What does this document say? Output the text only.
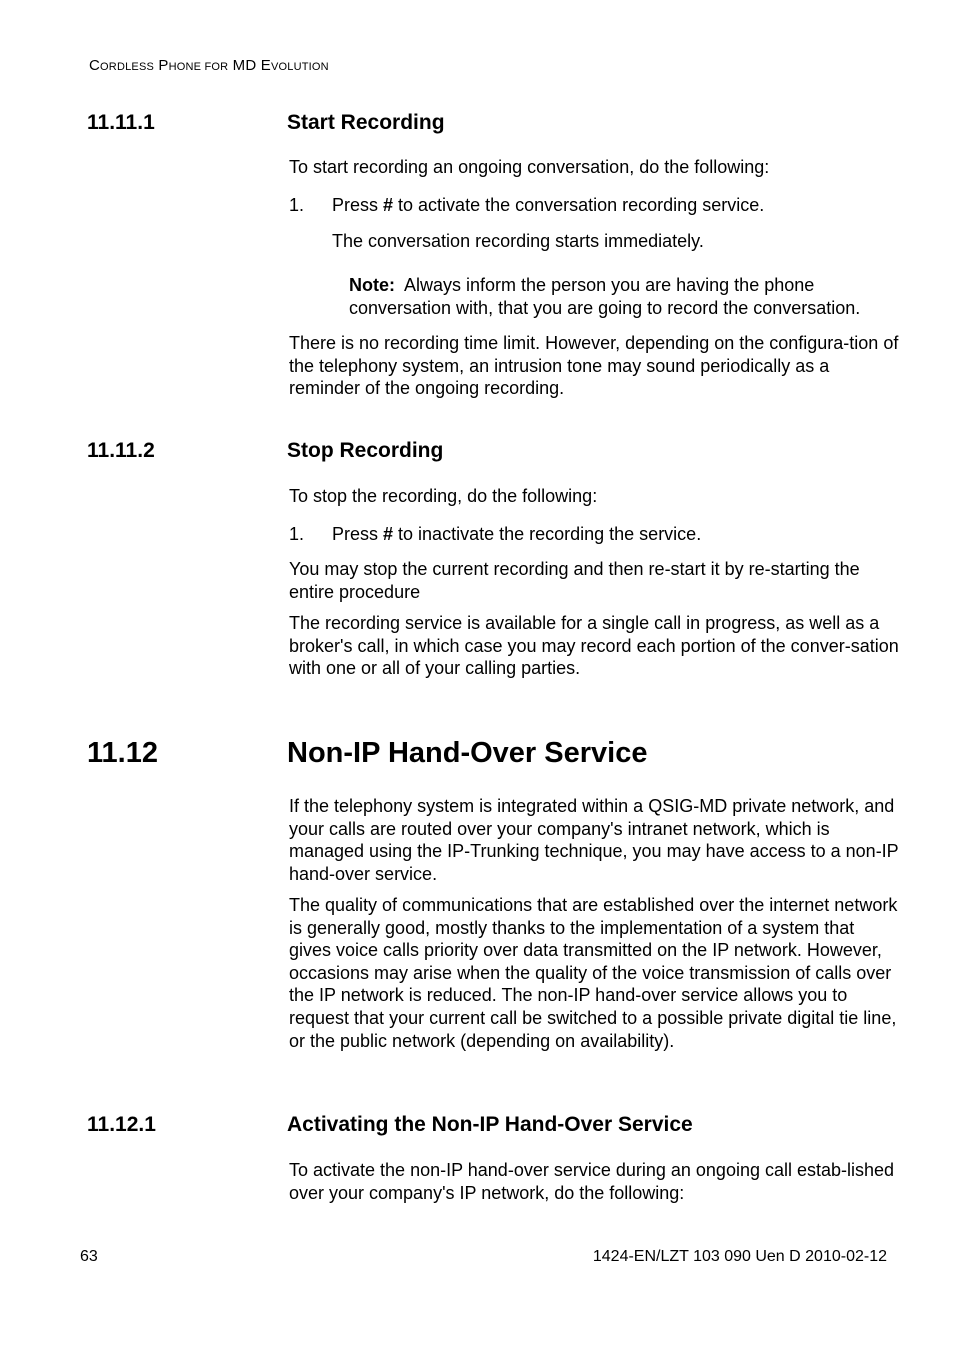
CORDLESS PHONE FOR MD EVOLUTION
11.11.1	Start Recording
To start recording an ongoing conversation, do the following:
1. Press # to activate the conversation recording service.
The conversation recording starts immediately.
Note: Always inform the person you are having the phone conversation with, that you are going to record the conversation.
There is no recording time limit. However, depending on the configura-tion of the telephony system, an intrusion tone may sound periodically as a reminder of the ongoing recording.
11.11.2	Stop Recording
To stop the recording, do the following:
1. Press # to inactivate the recording the service.
You may stop the current recording and then re-start it by re-starting the entire procedure
The recording service is available for a single call in progress, as well as a broker's call, in which case you may record each portion of the conver-sation with one or all of your calling parties.
11.12	Non-IP Hand-Over Service
If the telephony system is integrated within a QSIG-MD private network, and your calls are routed over your company's intranet network, which is managed using the IP-Trunking technique, you may have access to a non-IP hand-over service.
The quality of communications that are established over the internet network is generally good, mostly thanks to the implementation of a system that gives voice calls priority over data transmitted on the IP network. However, occasions may arise when the quality of the voice transmission of calls over the IP network is reduced. The non-IP hand-over service allows you to request that your current call be switched to a possible private digital tie line, or the public network (depending on availability).
11.12.1	Activating the Non-IP Hand-Over Service
To activate the non-IP hand-over service during an ongoing call estab-lished over your company's IP network, do the following:
63	1424-EN/LZT 103 090 Uen D 2010-02-12
